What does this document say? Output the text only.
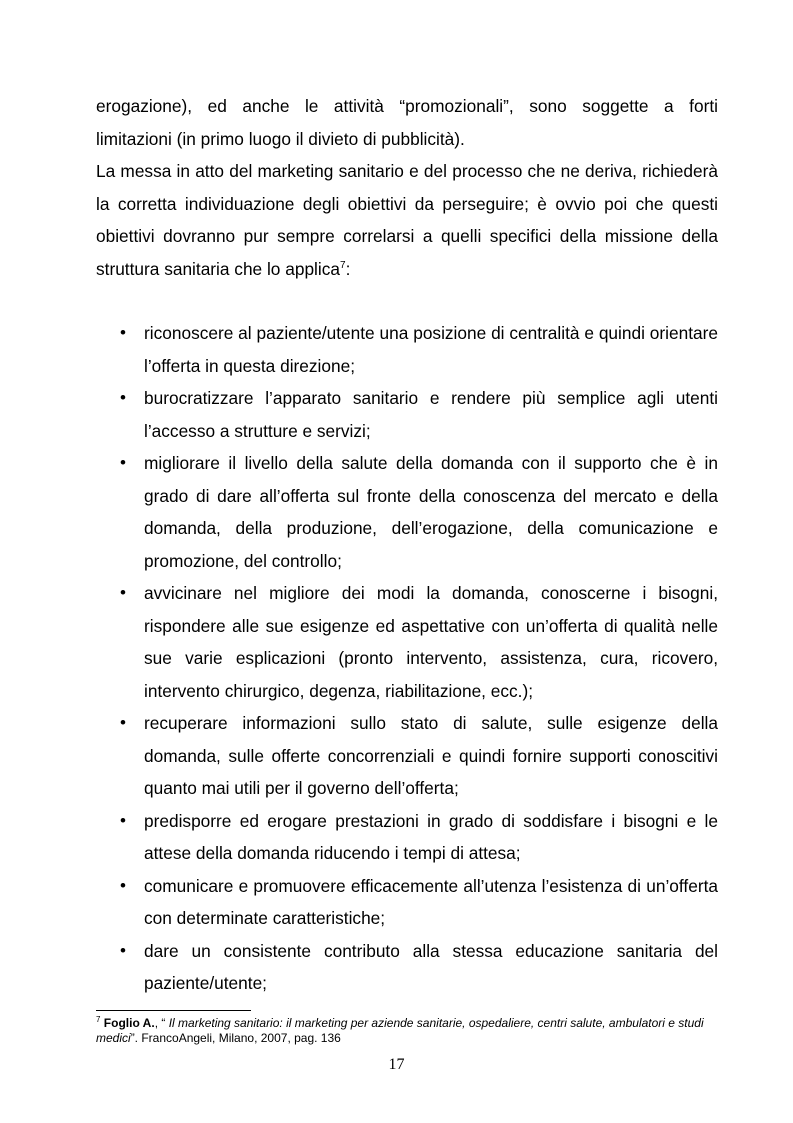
erogazione), ed anche le attività “promozionali”, sono soggette a forti

limitazioni (in primo luogo il divieto di pubblicità).

La messa in atto del marketing sanitario e del processo che ne deriva, richiederà la corretta individuazione degli obiettivi da perseguire; è ovvio poi che questi obiettivi dovranno pur sempre correlarsi a quelli specifici della missione della struttura sanitaria che lo applica$^7$:

• riconoscere al paziente/utente una posizione di centralità e quindi orientare l’offerta in questa direzione;
• burocratizzare l’apparato sanitario e rendere più semplice agli utenti l’accesso a strutture e servizi;
• migliorare il livello della salute della domanda con il supporto che è in grado di dare all’offerta sul fronte della conoscenza del mercato e della domanda, della produzione, dell’erogazione, della comunicazione e promozione, del controllo;
• avvicinare nel migliore dei modi la domanda, conoscerne i bisogni, rispondere alle sue esigenze ed aspettative con un’offerta di qualità nelle sue varie esplicazioni (pronto intervento, assistenza, cura, ricovero, intervento chirurgico, degenza, riabilitazione, ecc.);
• recuperare informazioni sullo stato di salute, sulle esigenze della domanda, sulle offerte concorrenziali e quindi fornire supporti conoscitivi quanto mai utili per il governo dell’offerta;
• predisporre ed erogare prestazioni in grado di soddisfare i bisogni e le attese della domanda riducendo i tempi di attesa;
• comunicare e promuovere efficacemente all’utenza l’esistenza di un’offerta con determinate caratteristiche;
• dare un consistente contributo alla stessa educazione sanitaria del paziente/utente;
$^7$ Foglio A., “ Il marketing sanitario: il marketing per aziende sanitarie, ospedaliere, centri salute, ambulatori e studi medici”. FrancoAngeli, Milano, 2007, pag. 136
17
